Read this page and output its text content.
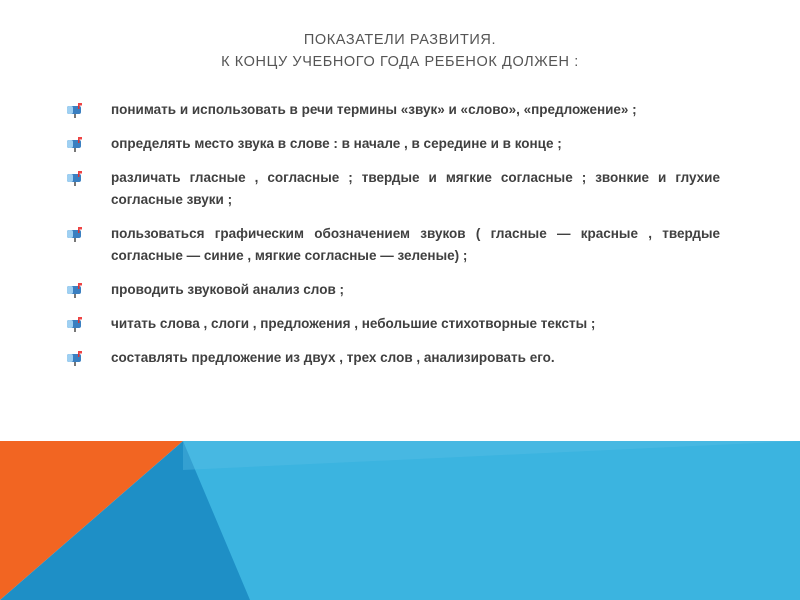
ПОКАЗАТЕЛИ РАЗВИТИЯ.
К КОНЦУ УЧЕБНОГО ГОДА РЕБЕНОК ДОЛЖЕН :
понимать и использовать в речи термины «звук» и «слово», «предложение» ;
определять место звука в слове : в начале , в середине и в конце ;
различать гласные , согласные ; твердые и мягкие согласные ; звонкие и глухие согласные звуки ;
пользоваться графическим обозначением звуков ( гласные — красные , твердые согласные — синие , мягкие согласные — зеленые) ;
проводить звуковой анализ слов ;
читать слова , слоги , предложения , небольшие стихотворные тексты ;
составлять предложение из двух , трех слов , анализировать его.
